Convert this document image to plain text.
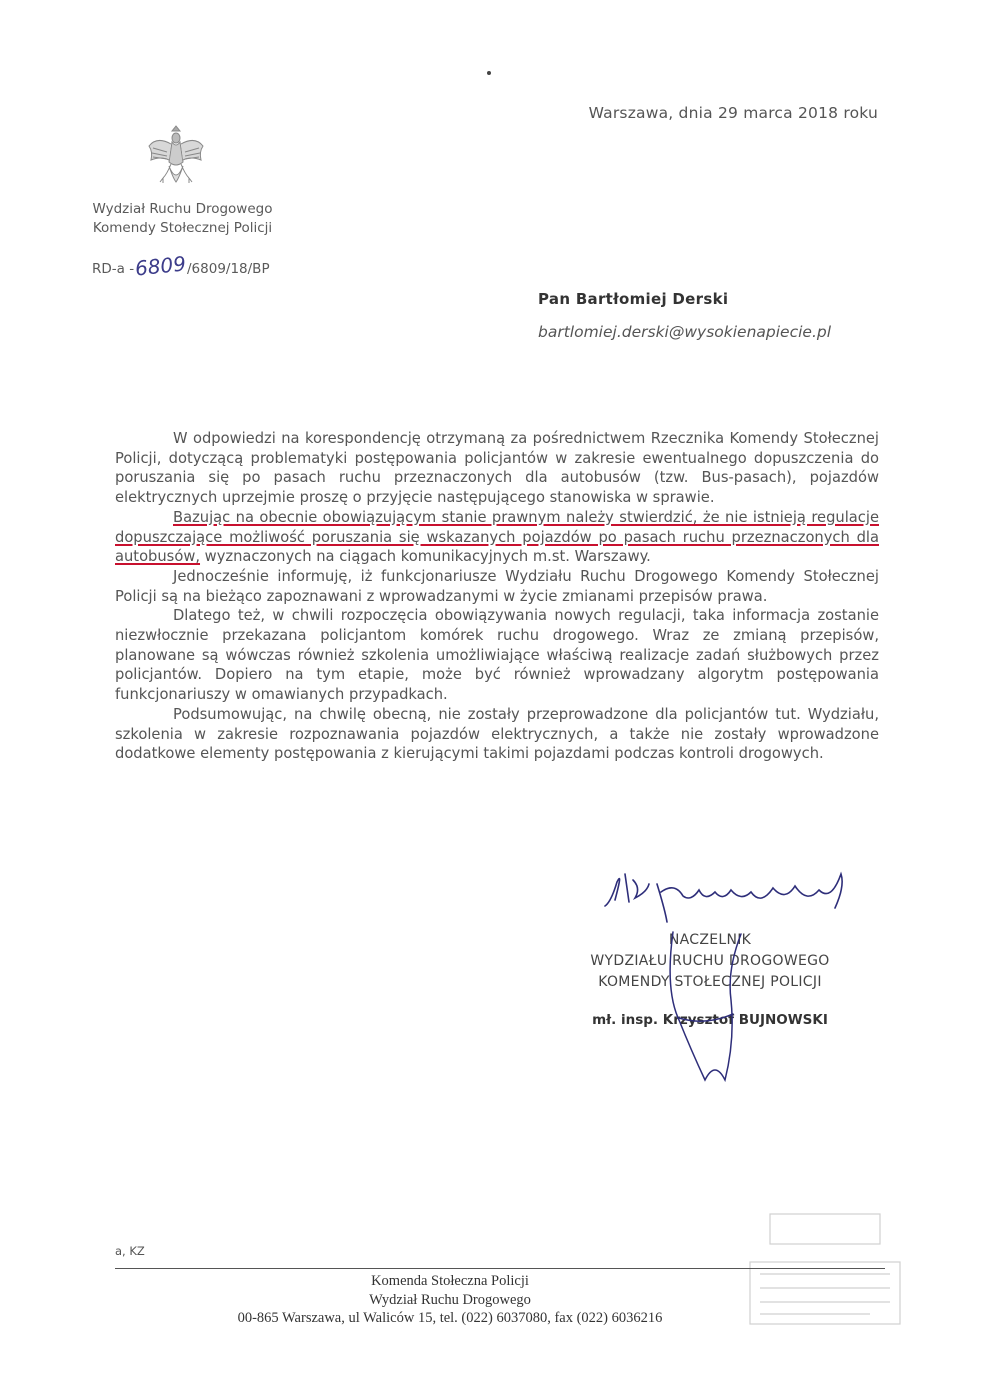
Warszawa, dnia 29 marca 2018 roku
Wydział Ruchu Drogowego
Komendy Stołecznej Policji
RD-a -6809/6809/18/BP
Pan Bartłomiej Derski
bartlomiej.derski@wysokienapiecie.pl

W odpowiedzi na korespondencję otrzymaną za pośrednictwem Rzecznika Komendy Stołecznej Policji, dotyczącą problematyki postępowania policjantów w zakresie ewentualnego dopuszczenia do poruszania się po pasach ruchu przeznaczonych dla autobusów (tzw. Bus-pasach), pojazdów elektrycznych uprzejmie proszę o przyjęcie następującego stanowiska w sprawie.

Bazując na obecnie obowiązującym stanie prawnym należy stwierdzić, że nie istnieją regulacje dopuszczające możliwość poruszania się wskazanych pojazdów po pasach ruchu przeznaczonych dla autobusów, wyznaczonych na ciągach komunikacyjnych m.st. Warszawy.

Jednocześnie informuję, iż funkcjonariusze Wydziału Ruchu Drogowego Komendy Stołecznej Policji są na bieżąco zapoznawani z wprowadzanymi w życie zmianami przepisów prawa.

Dlatego też, w chwili rozpoczęcia obowiązywania nowych regulacji, taka informacja zostanie niezwłocznie przekazana policjantom komórek ruchu drogowego. Wraz ze zmianą przepisów, planowane są wówczas również szkolenia umożliwiające właściwą realizacje zadań służbowych przez policjantów. Dopiero na tym etapie, może być również wprowadzany algorytm postępowania funkcjonariuszy w omawianych przypadkach.

Podsumowując, na chwilę obecną, nie zostały przeprowadzone dla policjantów tut. Wydziału, szkolenia w zakresie rozpoznawania pojazdów elektrycznych, a także nie zostały wprowadzone dodatkowe elementy postępowania z kierującymi takimi pojazdami podczas kontroli drogowych.

NACZELNIK
WYDZIAŁU RUCHU DROGOWEGO
KOMENDY STOŁECZNEJ POLICJI
mł. insp. Krzysztof BUJNOWSKI
a, KZ
Komenda Stołeczna Policji
Wydział Ruchu Drogowego
00-865 Warszawa, ul Waliców 15, tel. (022) 6037080, fax (022) 6036216
